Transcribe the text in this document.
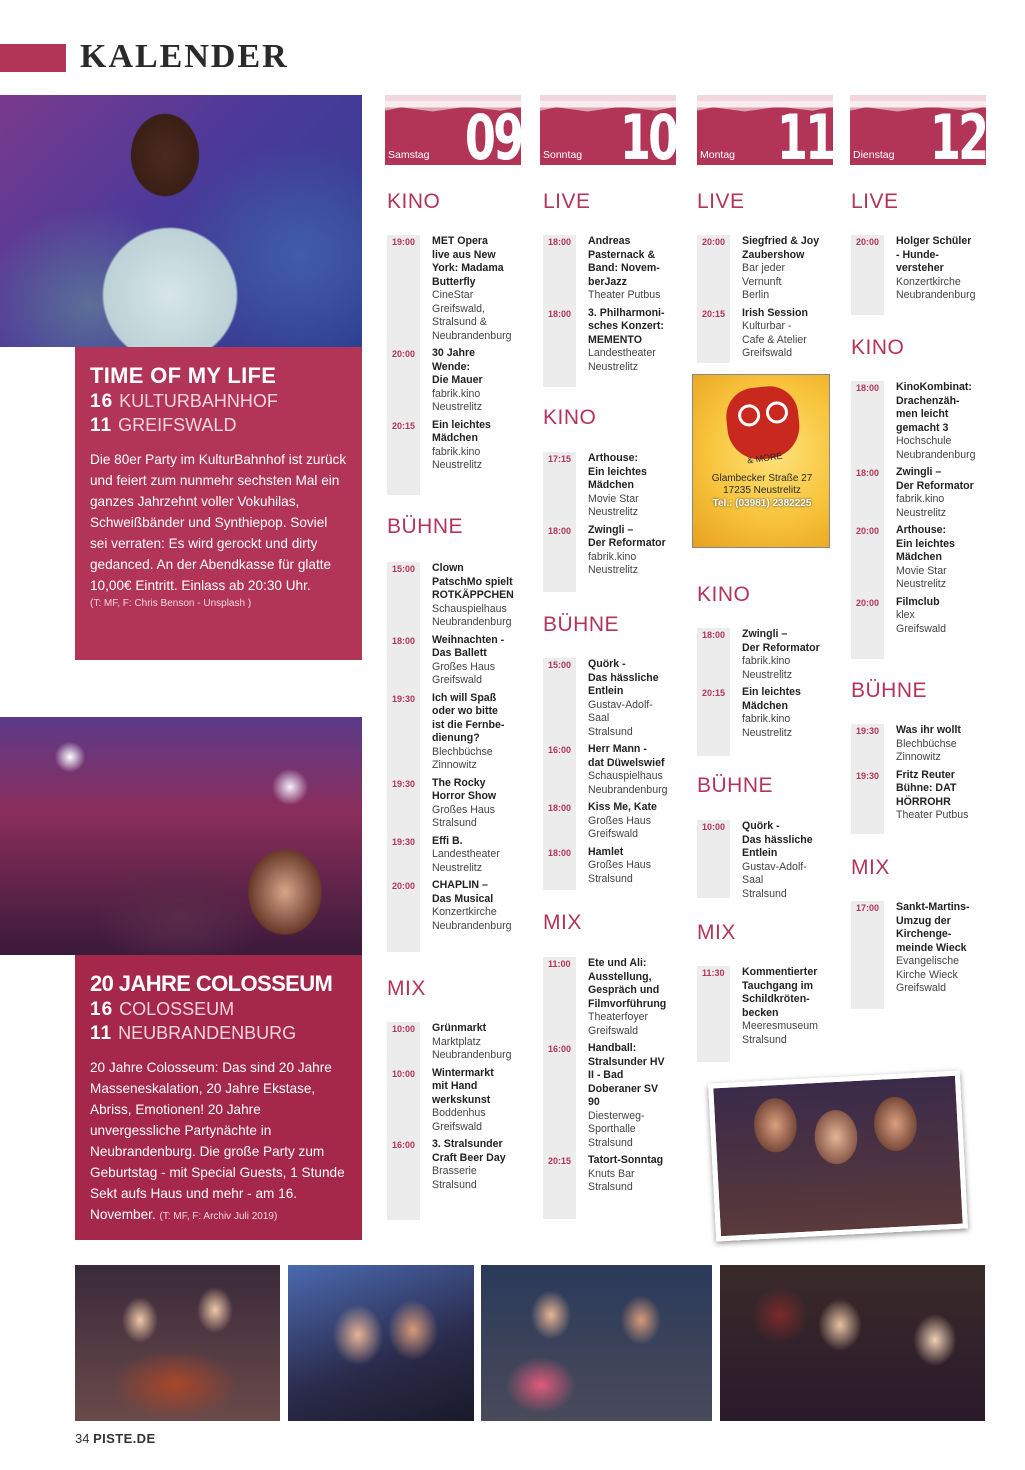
KALENDER
TIME OF MY LIFE
16 KULTURBAHNHOF
11 GREIFSWALD

Die 80er Party im KulturBahnhof ist zurück und feiert zum nunmehr sechsten Mal ein ganzes Jahrzehnt voller Vokuhilas, Schweißbänder und Synthiepop. Soviel sei verraten: Es wird gerockt und dirty gedanced. An der Abendkasse für glatte 10,00€ Eintritt. Einlass ab 20:30 Uhr.

(T: MF, F: Chris Benson - Unsplash )
20 JAHRE COLOSSEUM
16 COLOSSEUM
11 NEUBRANDENBURG

20 Jahre Colosseum: Das sind 20 Jahre Masseneskalation, 20 Jahre Ekstase, Abriss, Emotionen! 20 Jahre unvergessliche Partynächte in Neubrandenburg. Die große Party zum Geburtstag - mit Special Guests, 1 Stunde Sekt aufs Haus und mehr - am 16. November. (T: MF, F: Archiv Juli 2019)

Samstag 09 Sonntag 10 Montag 11 Dienstag 12
KINO
19:00	MET Opera
live aus New
York: Madama
Butterfly
CineStar
Greifswald,
Stralsund &
Neubrandenburg
20:00	30 Jahre
Wende:
Die Mauer
fabrik.kino
Neustrelitz
20:15	Ein leichtes
Mädchen
fabrik.kino
Neustrelitz
BÜHNE
15:00	Clown
PatschMo spielt
ROTKÄPPCHEN
Schauspielhaus
Neubrandenburg
18:00	Weihnachten -
Das Ballett
Großes Haus
Greifswald
19:30	Ich will Spaß
oder wo bitte
ist die Fernbe-
dienung?
Blechbüchse
Zinnowitz
19:30	The Rocky
Horror Show
Großes Haus
Stralsund
19:30	Effi B.
Landestheater
Neustrelitz
20:00	CHAPLIN –
Das Musical
Konzertkirche
Neubrandenburg
MIX
10:00	Grünmarkt
Marktplatz
Neubrandenburg
10:00	Wintermarkt
mit Hand
werkskunst
Boddenhus
Greifswald
16:00	3. Stralsunder
Craft Beer Day
Brasserie
Stralsund
LIVE
18:00	Andreas
Pasternack &
Band: Novem-
berJazz
Theater Putbus
18:00	3. Philharmoni-
sches Konzert:
MEMENTO
Landestheater
Neustrelitz
KINO
17:15	Arthouse:
Ein leichtes
Mädchen
Movie Star
Neustrelitz
18:00	Zwingli –
Der Reformator
fabrik.kino
Neustrelitz
BÜHNE
15:00	Quörk -
Das hässliche
Entlein
Gustav-Adolf-Saal
Stralsund
16:00	Herr Mann -
dat Düwelswief
Schauspielhaus
Neubrandenburg
18:00	Kiss Me, Kate
Großes Haus
Greifswald
18:00	Hamlet
Großes Haus
Stralsund
MIX
11:00	Ete und Ali:
Ausstellung,
Gespräch und
Filmvorführung
Theaterfoyer
Greifswald
16:00	Handball:
Stralsunder HV
II - Bad
Doberaner SV
90
Diesterweg-
Sporthalle
Stralsund
20:15	Tatort-Sonntag
Knuts Bar
Stralsund
LIVE
20:00	Siegfried & Joy
Zaubershow
Bar jeder Vernunft
Berlin
20:15	Irish Session
Kulturbar -
Cafe & Atelier
Greifswald
& MORE
Glambecker Straße 27
17235 Neustrelitz
Tel.: (03981) 2382225
KINO
18:00	Zwingli –
Der Reformator
fabrik.kino
Neustrelitz
20:15	Ein leichtes
Mädchen
fabrik.kino
Neustrelitz
BÜHNE
10:00	Quörk -
Das hässliche
Entlein
Gustav-Adolf-Saal
Stralsund
MIX
11:30	Kommentierter
Tauchgang im
Schildkröten-
becken
Meeresmuseum
Stralsund
LIVE
20:00	Holger Schüler
- Hunde-
versteher
Konzertkirche
Neubrandenburg
KINO
18:00	KinoKombinat:
Drachenzäh-
men leicht
gemacht 3
Hochschule
Neubrandenburg
18:00	Zwingli –
Der Reformator
fabrik.kino
Neustrelitz
20:00	Arthouse:
Ein leichtes
Mädchen
Movie Star
Neustrelitz
20:00	Filmclub
klex
Greifswald
BÜHNE
19:30	Was ihr wollt
Blechbüchse
Zinnowitz
19:30	Fritz Reuter
Bühne: DAT
HÖRROHR
Theater Putbus
MIX
17:00	Sankt-Martins-
Umzug der
Kirchenge-
meinde Wieck
Evangelische
Kirche Wieck
Greifswald
34 PISTE.DE
